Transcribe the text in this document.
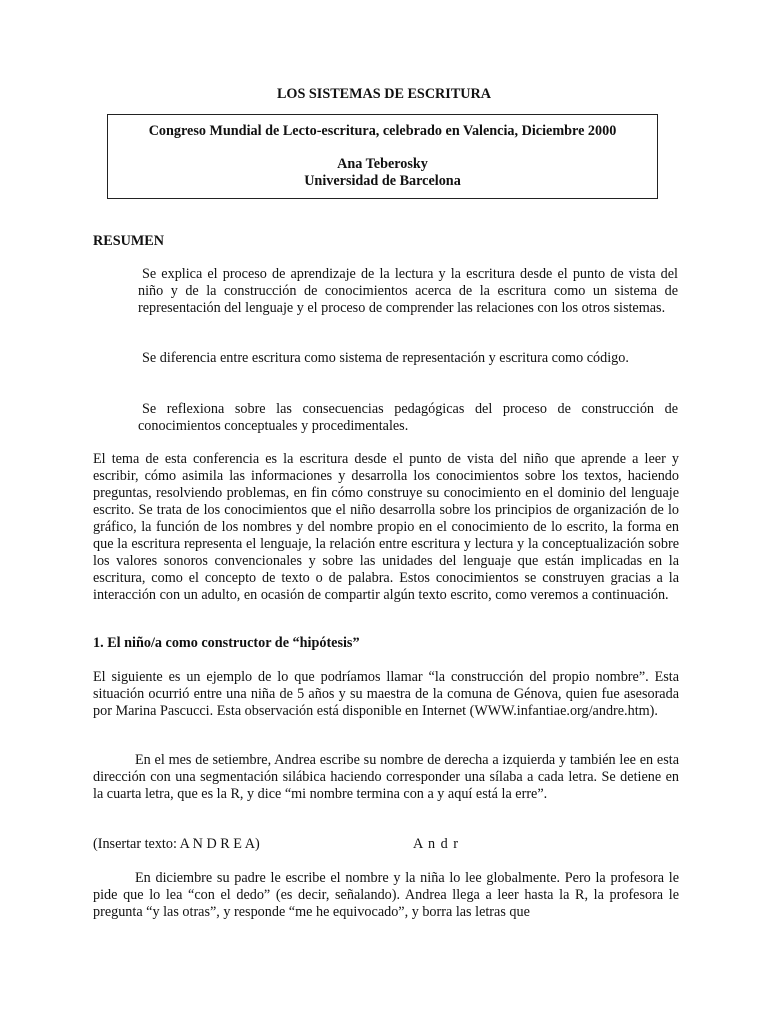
LOS SISTEMAS DE ESCRITURA
Congreso Mundial de Lecto-escritura, celebrado en Valencia, Diciembre 2000
Ana Teberosky
Universidad de Barcelona
RESUMEN
Se explica el proceso de aprendizaje de la lectura y la escritura desde el punto de vista del niño y de la construcción de conocimientos acerca de la escritura como un sistema de representación del lenguaje y el proceso de comprender las relaciones con los otros sistemas.
Se diferencia entre escritura como sistema de representación y escritura como código.
Se reflexiona sobre las consecuencias pedagógicas del proceso de construcción de conocimientos conceptuales y procedimentales.
El tema de esta conferencia es la escritura desde el punto de vista del niño que aprende a leer y escribir, cómo asimila las informaciones y desarrolla los conocimientos sobre los textos, haciendo preguntas, resolviendo problemas, en fin cómo construye su conocimiento en el dominio del lenguaje escrito. Se trata de los conocimientos que el niño desarrolla sobre los principios de organización de lo gráfico, la función de los nombres y del nombre propio en el conocimiento de lo escrito, la forma en que la escritura representa el lenguaje, la relación entre escritura y lectura y la conceptualización sobre los valores sonoros convencionales y sobre las unidades del lenguaje que están implicadas en la escritura, como el concepto de texto o de palabra. Estos conocimientos se construyen gracias a la interacción con un adulto, en ocasión de compartir algún texto escrito, como veremos a continuación.
1. El niño/a como constructor de “hipótesis”
El siguiente es un ejemplo de lo que podríamos llamar “la construcción del propio nombre”. Esta situación ocurrió entre una niña de 5 años y su maestra de la comuna de Génova, quien fue asesorada por Marina Pascucci. Esta observación está disponible en Internet (WWW.infantiae.org/andre.htm).
En el mes de setiembre, Andrea escribe su nombre de derecha a izquierda y también lee en esta dirección con una segmentación silábica haciendo corresponder una sílaba a cada letra. Se detiene en la cuarta letra, que es la R, y dice “mi nombre termina con a y aquí está la erre”.
(Insertar texto: A N D R E A)	A n d r
En diciembre su padre le escribe el nombre y la niña lo lee globalmente. Pero la profesora le pide que lo lea “con el dedo” (es decir, señalando). Andrea llega a leer hasta la R, la profesora le pregunta “y las otras”, y responde “me he equivocado”, y borra las letras que
